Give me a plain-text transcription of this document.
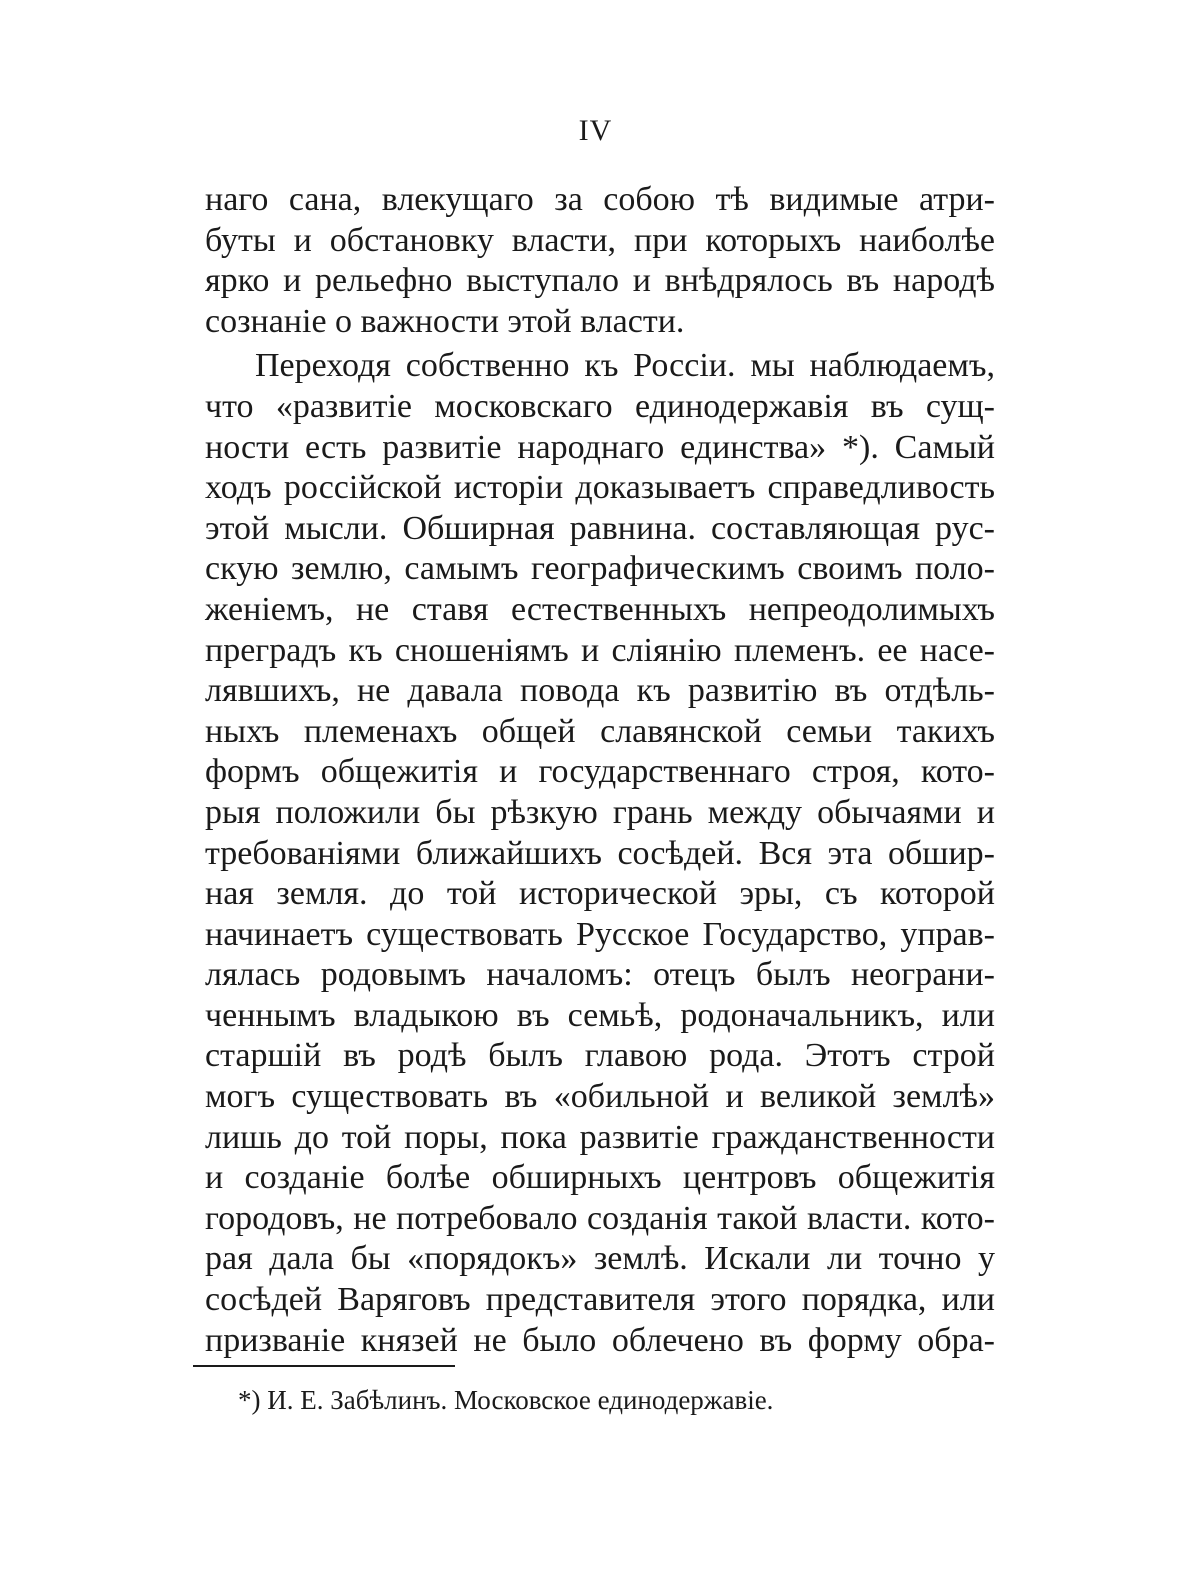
IV
наго сана, влекущаго за собою тѣ видимые атри-
буты и обстановку власти, при которыхъ наиболѣе
ярко и рельефно выступало и внѣдрялось въ народѣ
сознанie о важности этой власти.
Переходя собственно къ Россiи. мы наблюдаемъ,
что «развитiе московскаго единодержавiя въ сущ-
ности есть развитiе народнаго единства» *). Самый
ходъ россiйской исторiи доказываетъ справедливость
этой мысли. Обширная равнина. составляющая рус-
скую землю, самымъ географическимъ своимъ поло-
женiемъ, не ставя естественныхъ непреодолимыхъ
преградъ къ сношенiямъ и слiянiю племенъ. ее насе-
лявшихъ, не давала повода къ развитiю въ отдѣль-
ныхъ племенахъ общей славянской семьи такихъ
формъ общежитiя и государственнаго строя, кото-
рыя положили бы рѣзкую грань между обычаями и
требованiями ближайшихъ сосѣдей. Вся эта обшир-
ная земля. до той исторической эры, съ которой
начинаетъ существовать Русское Государство, управ-
лялась родовымъ началомъ: отецъ былъ неограни-
ченнымъ владыкою въ семьѣ, родоначальникъ, или
старшiй въ родѣ былъ главою рода. Этотъ строй
могъ существовать въ «обильной и великой землѣ»
лишь до той поры, пока развитiе гражданственности
и созданie болѣе обширныхъ центровъ общежитiя
городовъ, не потребовало созданiя такой власти. кото-
рая дала бы «порядокъ» землѣ. Искали ли точно у
сосѣдей Варяговъ представителя этого порядка, или
призванie князей не было облечено въ форму обра-
*) И. Е. Забѣлинъ. Московское единодержавiе.
